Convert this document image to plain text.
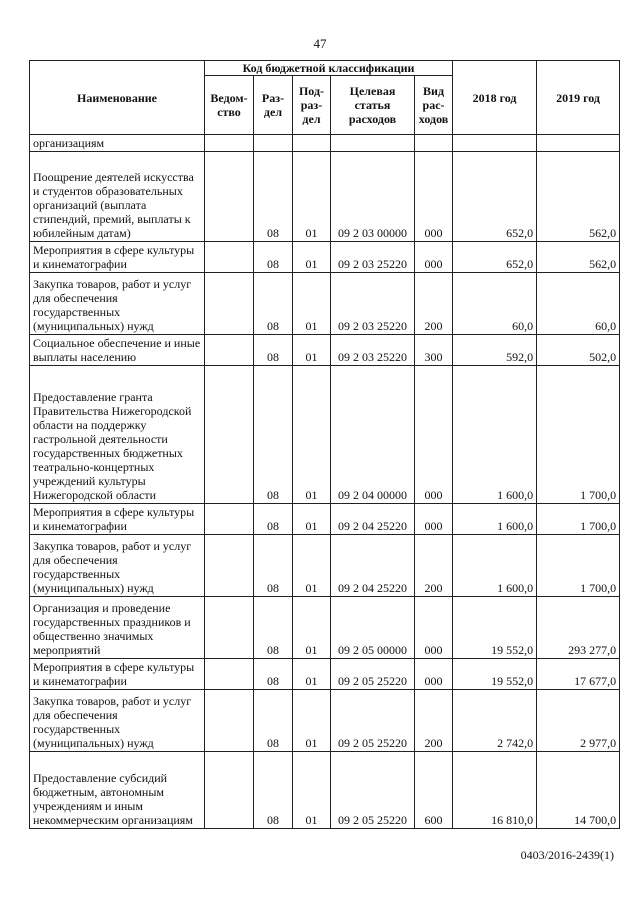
47
Наименование	Код бюджетной классификации					2018 год	2019 год
	Ведом-ство	Раз-дел	Под-раз-дел	Целевая статья расходов	Вид рас-ходов		
организациям							
Поощрение деятелей искусства и студентов образовательных организаций (выплата стипендий, премий, выплаты к юбилейным датам)		08	01	09 2 03 00000	000	652,0	562,0
Мероприятия в сфере культуры и кинематографии		08	01	09 2 03 25220	000	652,0	562,0
Закупка товаров, работ и услуг для обеспечения государственных (муниципальных) нужд		08	01	09 2 03 25220	200	60,0	60,0
Социальное обеспечение и иные выплаты населению		08	01	09 2 03 25220	300	592,0	502,0
Предоставление гранта Правительства Нижегородской области на поддержку гастрольной деятельности государственных бюджетных театрально-концертных учреждений культуры Нижегородской области		08	01	09 2 04 00000	000	1 600,0	1 700,0
Мероприятия в сфере культуры и кинематографии		08	01	09 2 04 25220	000	1 600,0	1 700,0
Закупка товаров, работ и услуг для обеспечения государственных (муниципальных) нужд		08	01	09 2 04 25220	200	1 600,0	1 700,0
Организация и проведение государственных праздников и общественно значимых мероприятий		08	01	09 2 05 00000	000	19 552,0	293 277,0
Мероприятия в сфере культуры и кинематографии		08	01	09 2 05 25220	000	19 552,0	17 677,0
Закупка товаров, работ и услуг для обеспечения государственных (муниципальных) нужд		08	01	09 2 05 25220	200	2 742,0	2 977,0
Предоставление субсидий бюджетным, автономным учреждениям и иным некоммерческим организациям		08	01	09 2 05 25220	600	16 810,0	14 700,0
0403/2016-2439(1)
